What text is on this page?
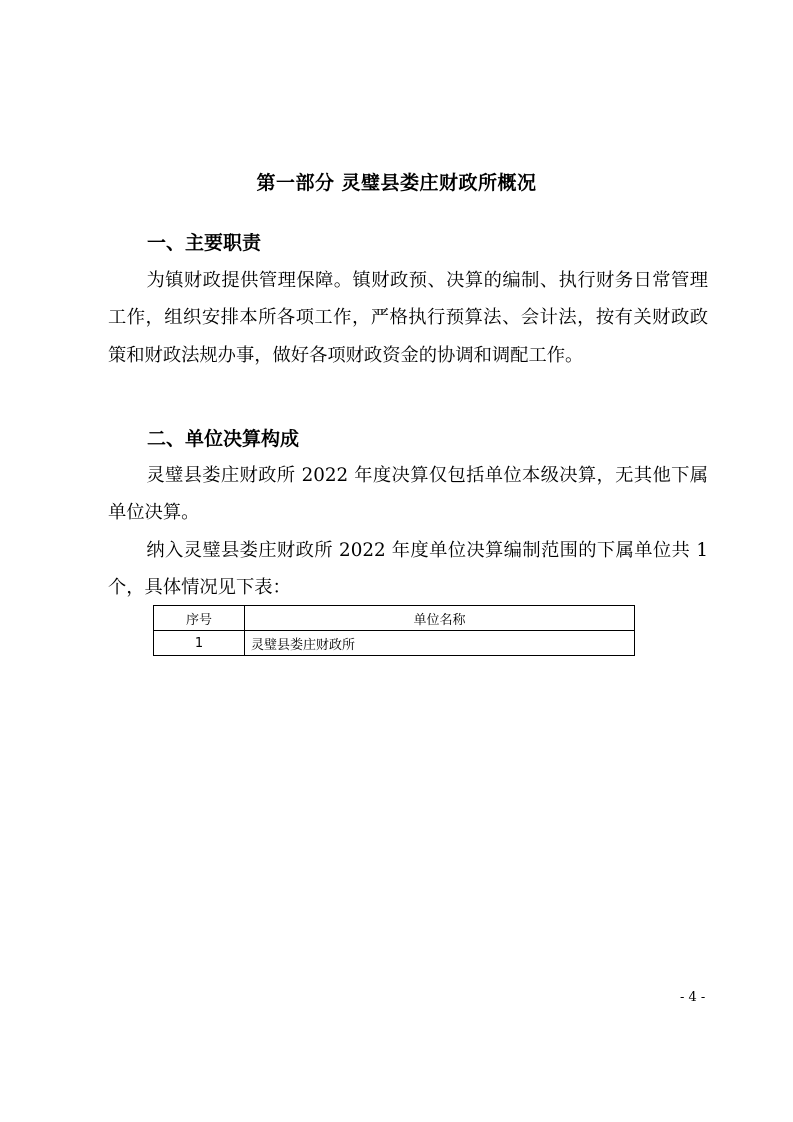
第一部分 灵璧县娄庄财政所概况
一、主要职责

为镇财政提供管理保障。镇财政预、决算的编制、执行财务日常管理工作，组织安排本所各项工作，严格执行预算法、会计法，按有关财政政策和财政法规办事，做好各项财政资金的协调和调配工作。

二、单位决算构成

灵璧县娄庄财政所 2022 年度决算仅包括单位本级决算，无其他下属单位决算。

纳入灵璧县娄庄财政所 2022 年度单位决算编制范围的下属单位共 1 个，具体情况见下表：

序号	单位名称
1	灵璧县娄庄财政所
- 4 -
